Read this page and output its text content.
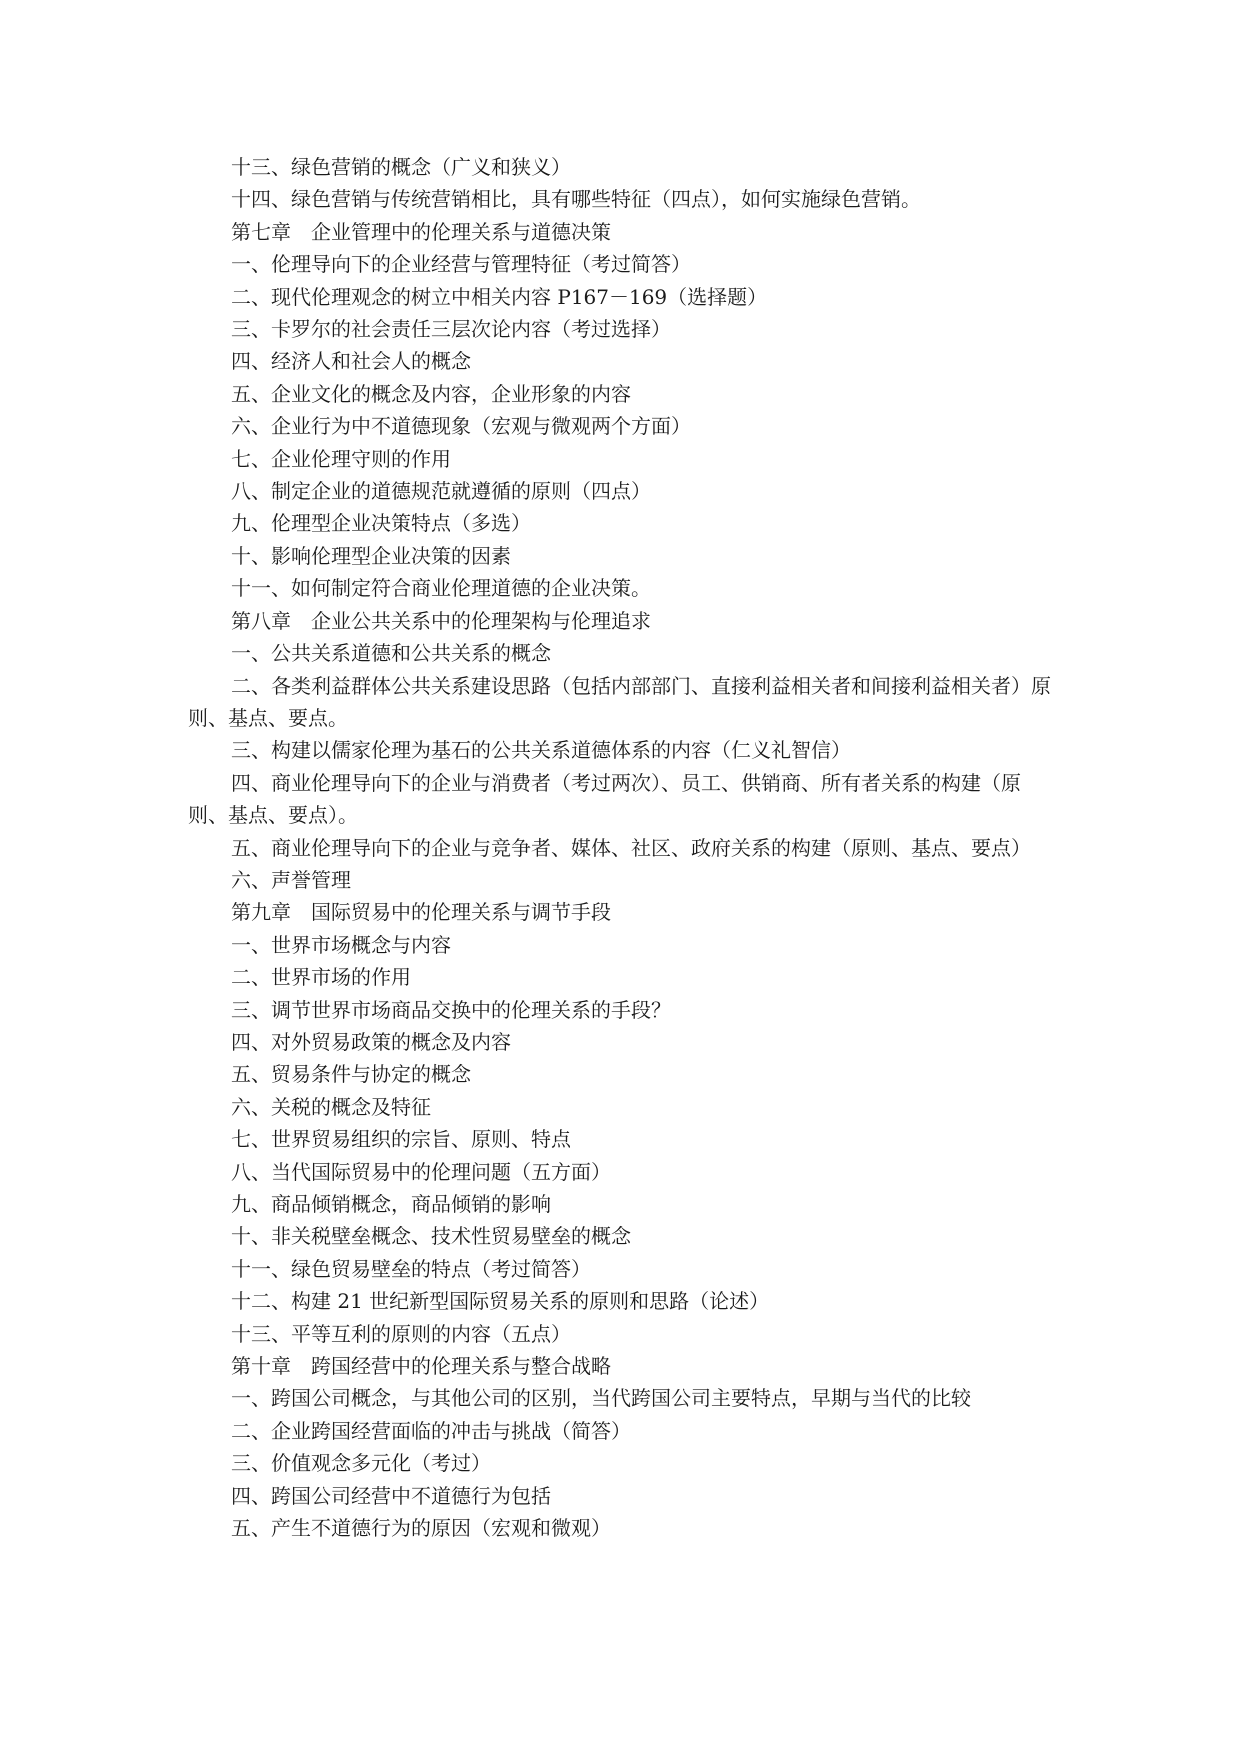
十三、绿色营销的概念（广义和狭义）

十四、绿色营销与传统营销相比，具有哪些特征（四点），如何实施绿色营销。

第七章　企业管理中的伦理关系与道德决策

一、伦理导向下的企业经营与管理特征（考过简答）

二、现代伦理观念的树立中相关内容 P167－169（选择题）

三、卡罗尔的社会责任三层次论内容（考过选择）

四、经济人和社会人的概念

五、企业文化的概念及内容，企业形象的内容

六、企业行为中不道德现象（宏观与微观两个方面）

七、企业伦理守则的作用

八、制定企业的道德规范就遵循的原则（四点）

九、伦理型企业决策特点（多选）

十、影响伦理型企业决策的因素

十一、如何制定符合商业伦理道德的企业决策。

第八章　企业公共关系中的伦理架构与伦理追求

一、公共关系道德和公共关系的概念

二、各类利益群体公共关系建设思路（包括内部部门、直接利益相关者和间接利益相关者）原则、基点、要点。

三、构建以儒家伦理为基石的公共关系道德体系的内容（仁义礼智信）

四、商业伦理导向下的企业与消费者（考过两次）、员工、供销商、所有者关系的构建（原则、基点、要点）。

五、商业伦理导向下的企业与竞争者、媒体、社区、政府关系的构建（原则、基点、要点）

六、声誉管理

第九章　国际贸易中的伦理关系与调节手段

一、世界市场概念与内容

二、世界市场的作用

三、调节世界市场商品交换中的伦理关系的手段？

四、对外贸易政策的概念及内容

五、贸易条件与协定的概念

六、关税的概念及特征

七、世界贸易组织的宗旨、原则、特点

八、当代国际贸易中的伦理问题（五方面）

九、商品倾销概念，商品倾销的影响

十、非关税壁垒概念、技术性贸易壁垒的概念

十一、绿色贸易壁垒的特点（考过简答）

十二、构建 21 世纪新型国际贸易关系的原则和思路（论述）

十三、平等互利的原则的内容（五点）

第十章　跨国经营中的伦理关系与整合战略

一、跨国公司概念，与其他公司的区别，当代跨国公司主要特点，早期与当代的比较

二、企业跨国经营面临的冲击与挑战（简答）

三、价值观念多元化（考过）

四、跨国公司经营中不道德行为包括

五、产生不道德行为的原因（宏观和微观）
